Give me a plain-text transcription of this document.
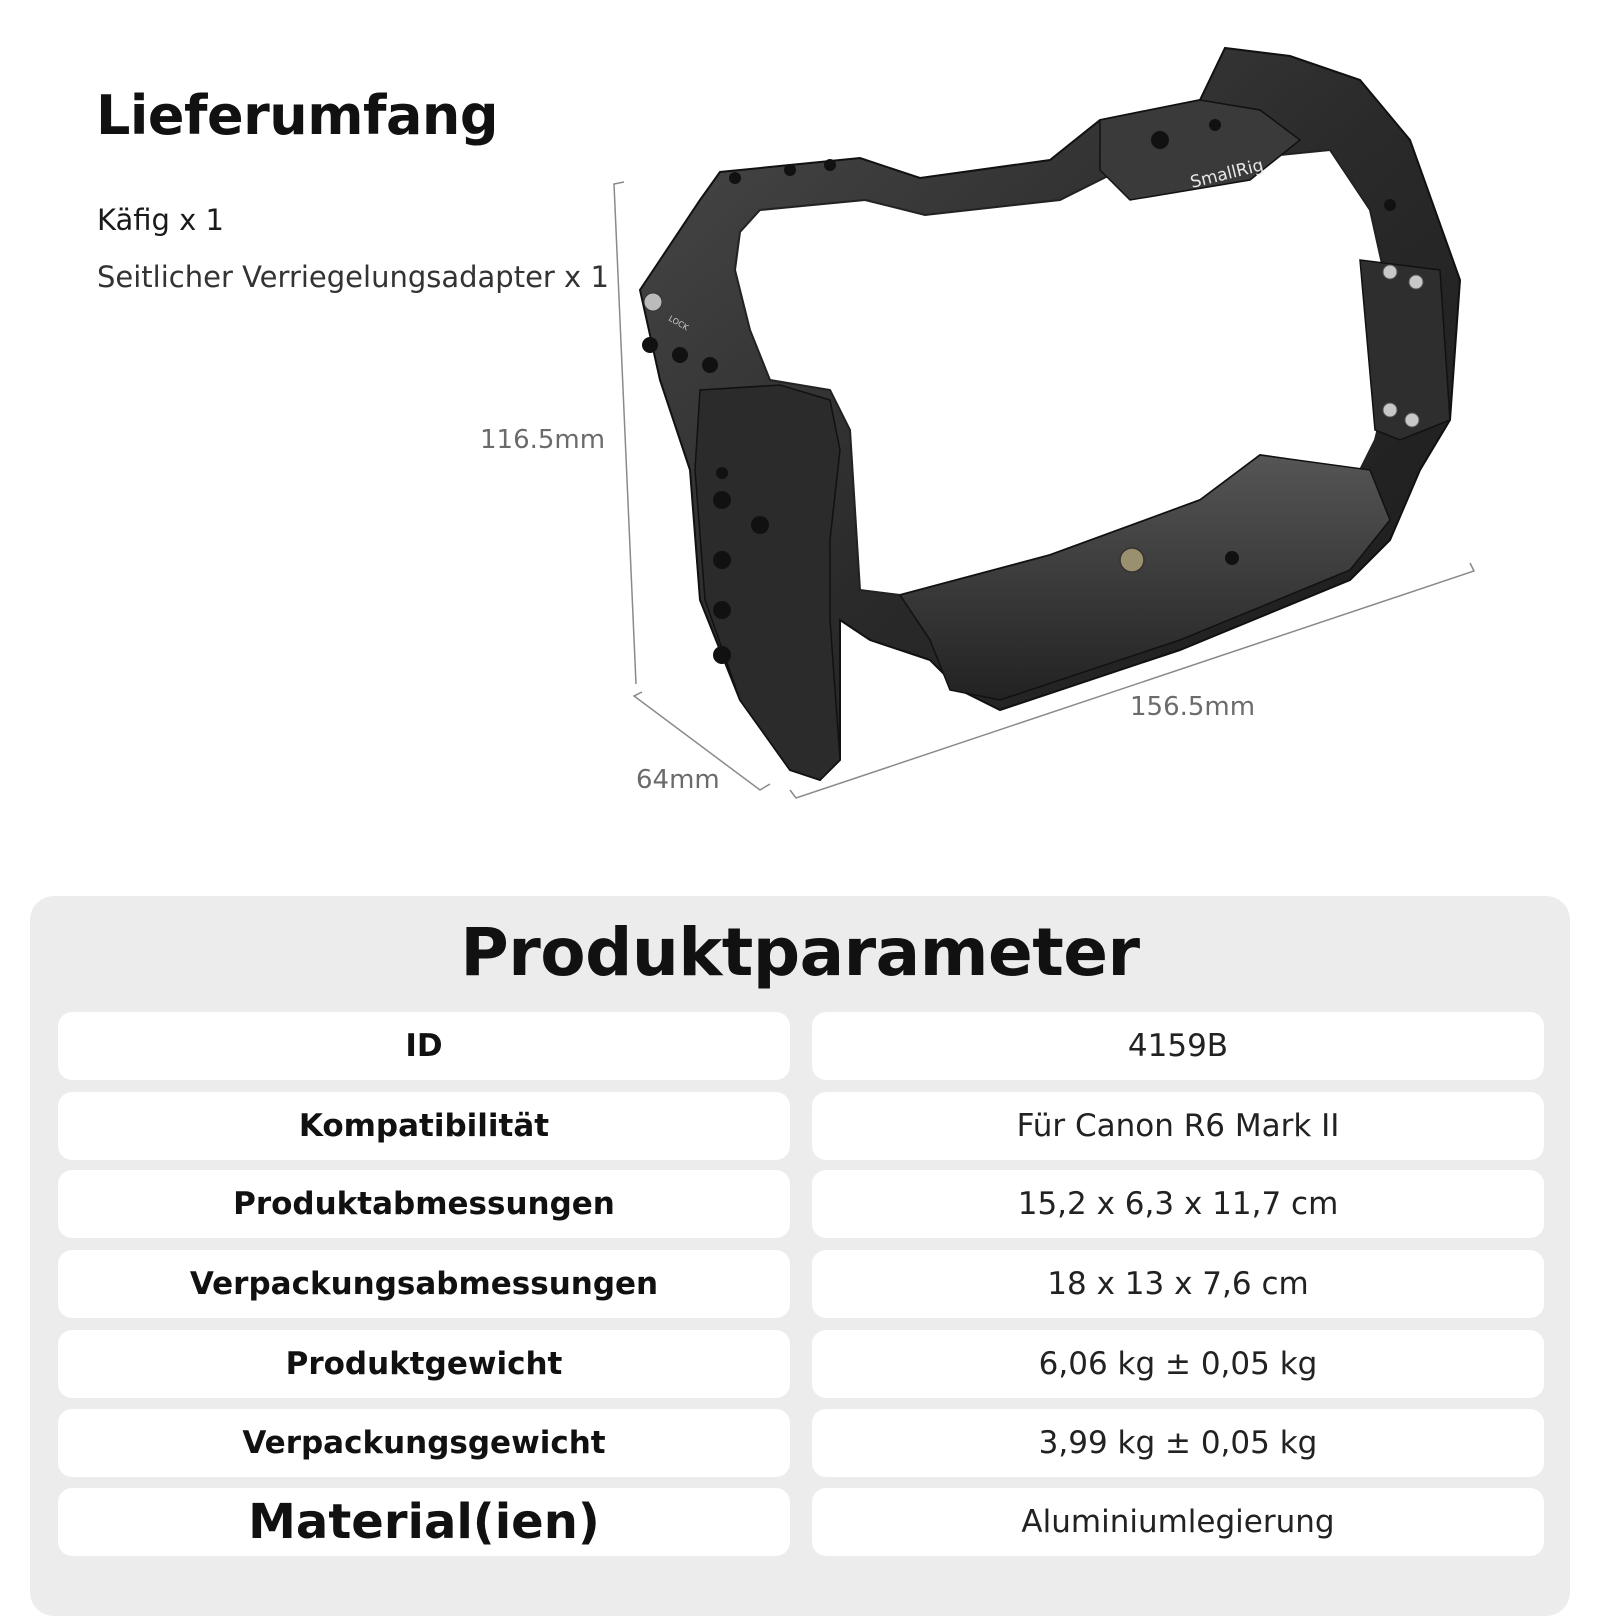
Lieferumfang
Käfig x 1
Seitlicher Verriegelungsadapter x 1
116.5mm
156.5mm
64mm
LOCK
SmallRig
Produktparameter
ID	4159B
Kompatibilität	Für Canon R6 Mark II
Produktabmessungen	15,2 x 6,3 x 11,7 cm
Verpackungsabmessungen	18 x 13 x 7,6 cm
Produktgewicht	6,06 kg ± 0,05 kg
Verpackungsgewicht	3,99 kg ± 0,05 kg
Material(ien)	Aluminiumlegierung
